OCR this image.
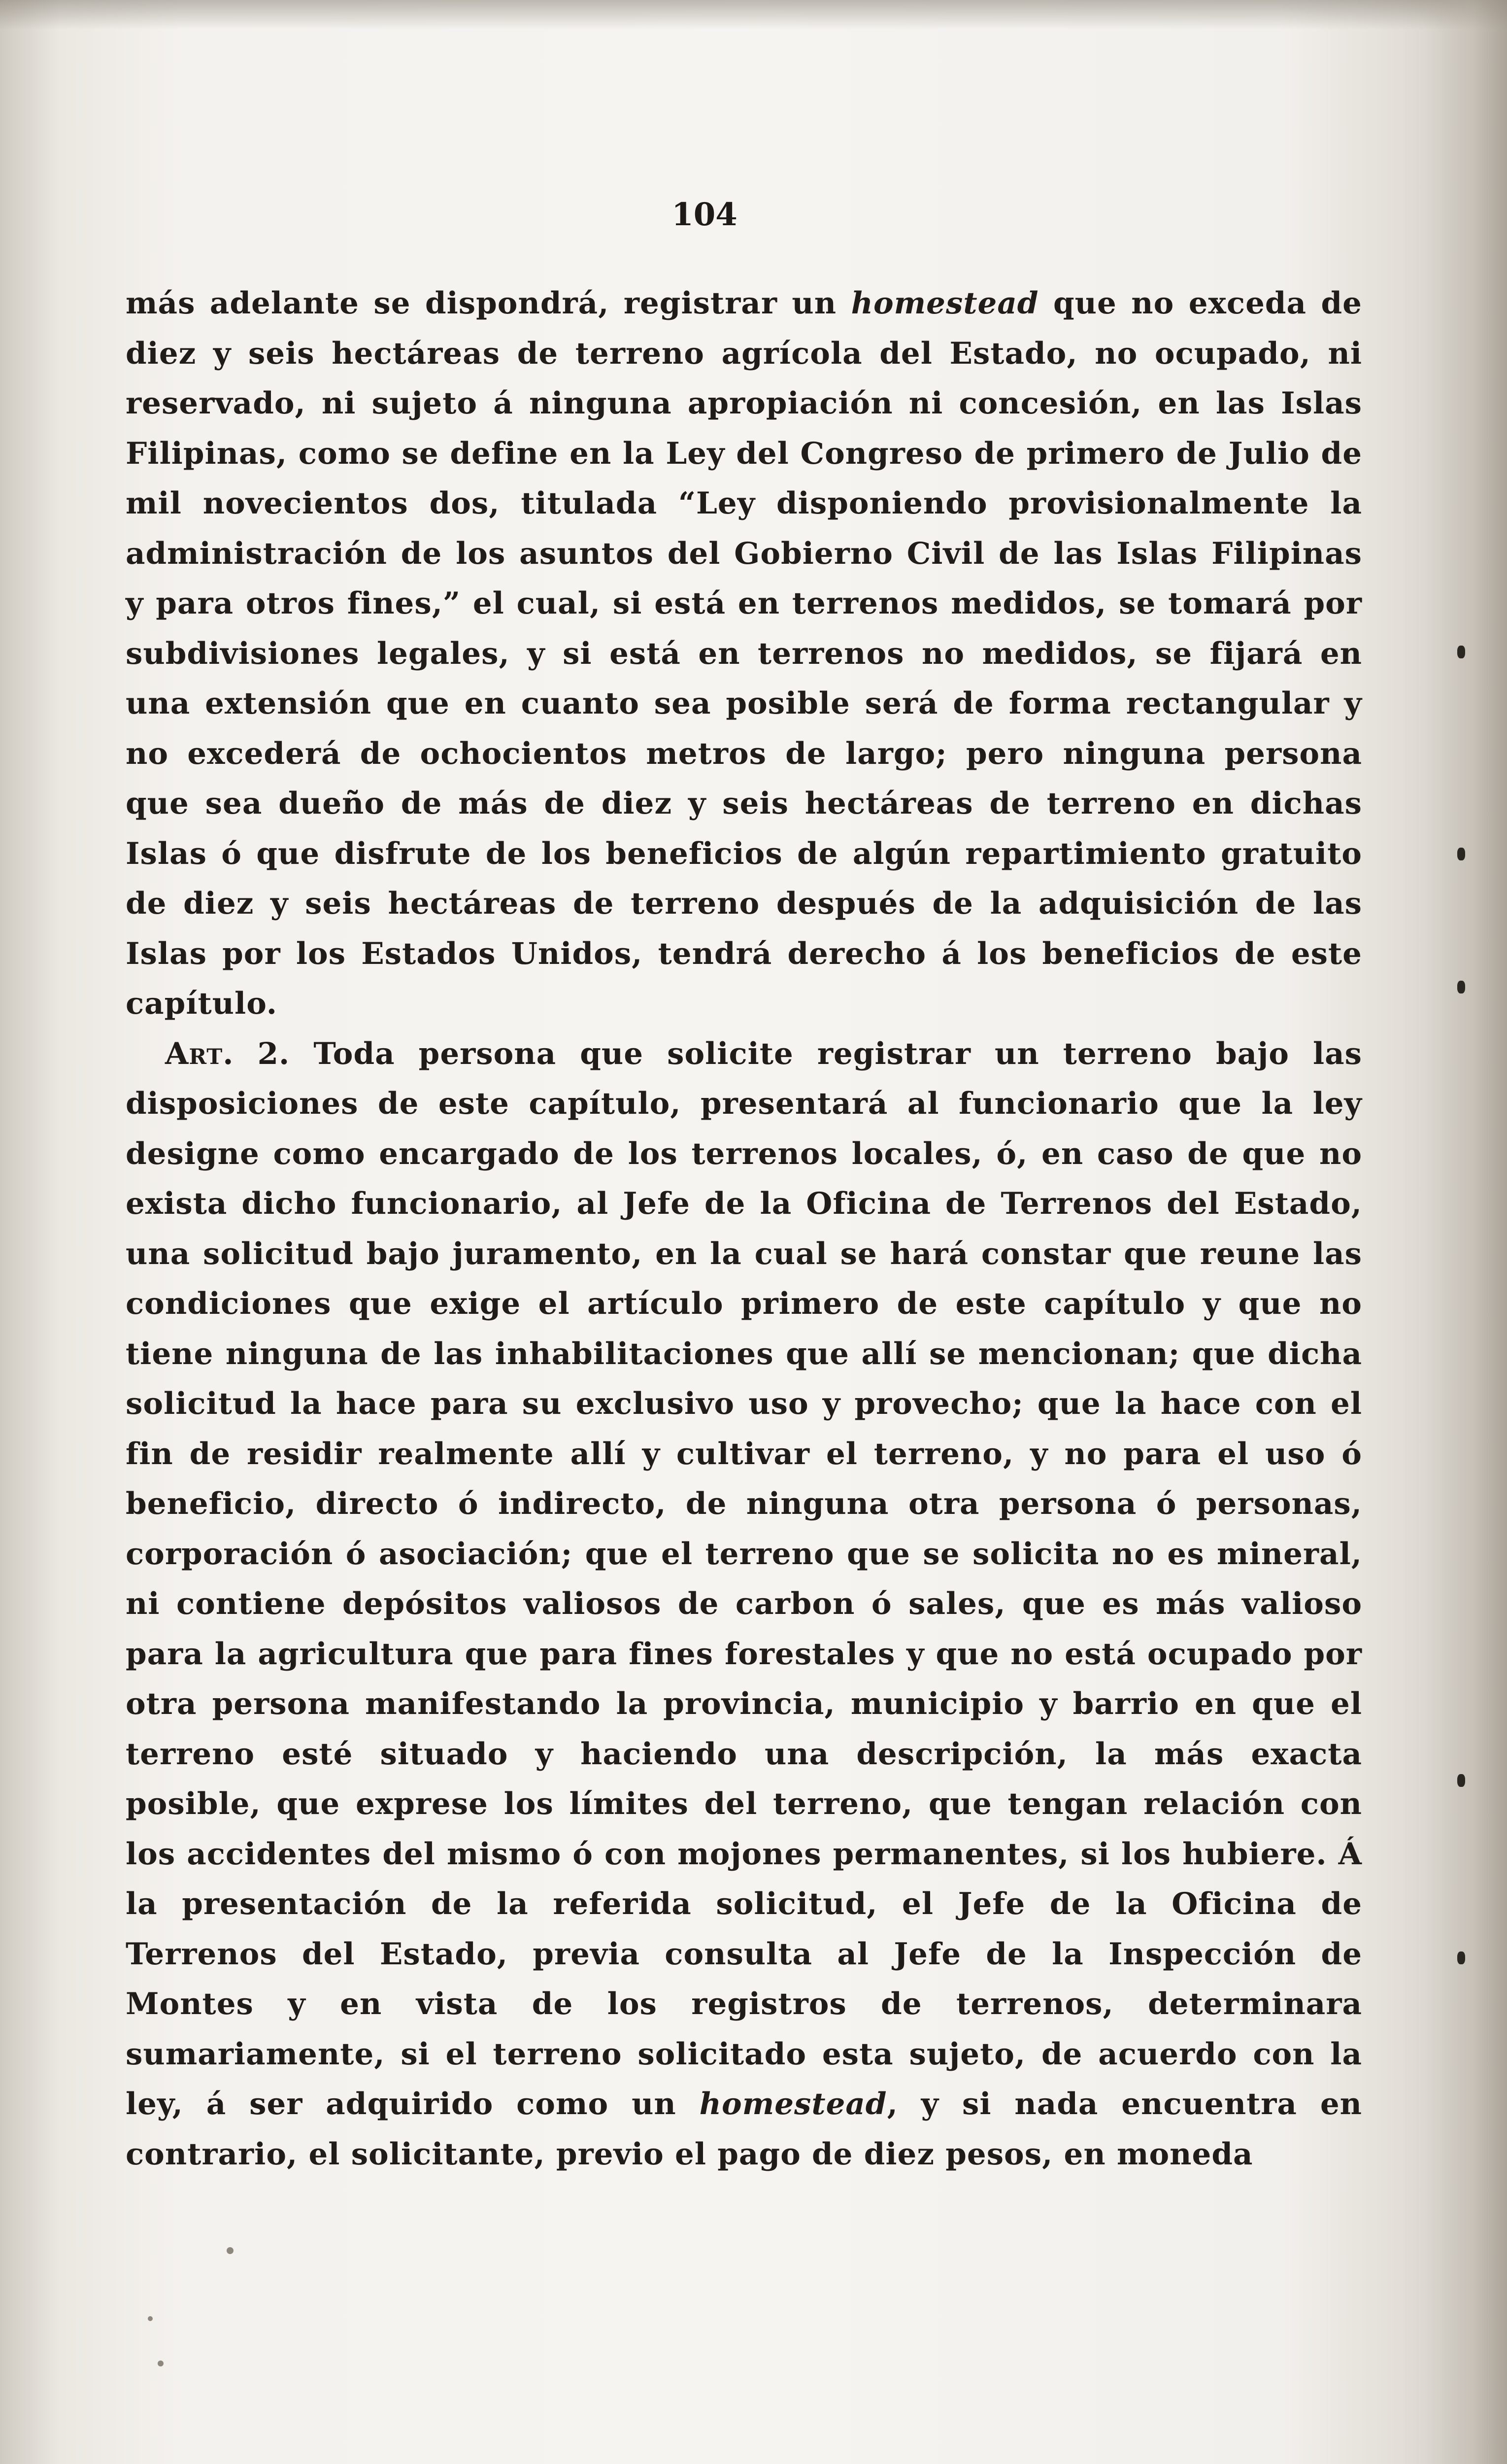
104

más adelante se dispondrá, registrar un homestead que no exceda de diez y seis hectáreas de terreno agrícola del Estado, no ocupado, ni reservado, ni sujeto á ninguna apropiación ni concesión, en las Islas Filipinas, como se define en la Ley del Congreso de primero de Julio de mil novecientos dos, titulada “Ley disponiendo provisionalmente la administración de los asuntos del Gobierno Civil de las Islas Filipinas y para otros fines,” el cual, si está en terrenos medidos, se tomará por subdivisiones legales, y si está en terrenos no medidos, se fijará en una extensión que en cuanto sea posible será de forma rectangular y no excederá de ochocientos metros de largo; pero ninguna persona que sea dueño de más de diez y seis hectáreas de terreno en dichas Islas ó que disfrute de los beneficios de algún repartimiento gratuito de diez y seis hectáreas de terreno después de la adquisición de las Islas por los Estados Unidos, tendrá derecho á los beneficios de este capítulo.

Art. 2. Toda persona que solicite registrar un terreno bajo las disposiciones de este capítulo, presentará al funcionario que la ley designe como encargado de los terrenos locales, ó, en caso de que no exista dicho funcionario, al Jefe de la Oficina de Terrenos del Estado, una solicitud bajo juramento, en la cual se hará constar que reune las condiciones que exige el artículo primero de este capítulo y que no tiene ninguna de las inhabilitaciones que allí se mencionan; que dicha solicitud la hace para su exclusivo uso y provecho; que la hace con el fin de residir realmente allí y cultivar el terreno, y no para el uso ó beneficio, directo ó indirecto, de ninguna otra persona ó personas, corporación ó asociación; que el terreno que se solicita no es mineral, ni contiene depósitos valiosos de carbon ó sales, que es más valioso para la agricultura que para fines forestales y que no está ocupado por otra persona manifestando la provincia, municipio y barrio en que el terreno esté situado y haciendo una descripción, la más exacta posible, que exprese los límites del terreno, que tengan relación con los accidentes del mismo ó con mojones permanentes, si los hubiere. Á la presentación de la referida solicitud, el Jefe de la Oficina de Terrenos del Estado, previa consulta al Jefe de la Inspección de Montes y en vista de los registros de terrenos, determinara sumariamente, si el terreno solicitado esta sujeto, de acuerdo con la ley, á ser adquirido como un homestead, y si nada encuentra en contrario, el solicitante, previo el pago de diez pesos, en moneda
